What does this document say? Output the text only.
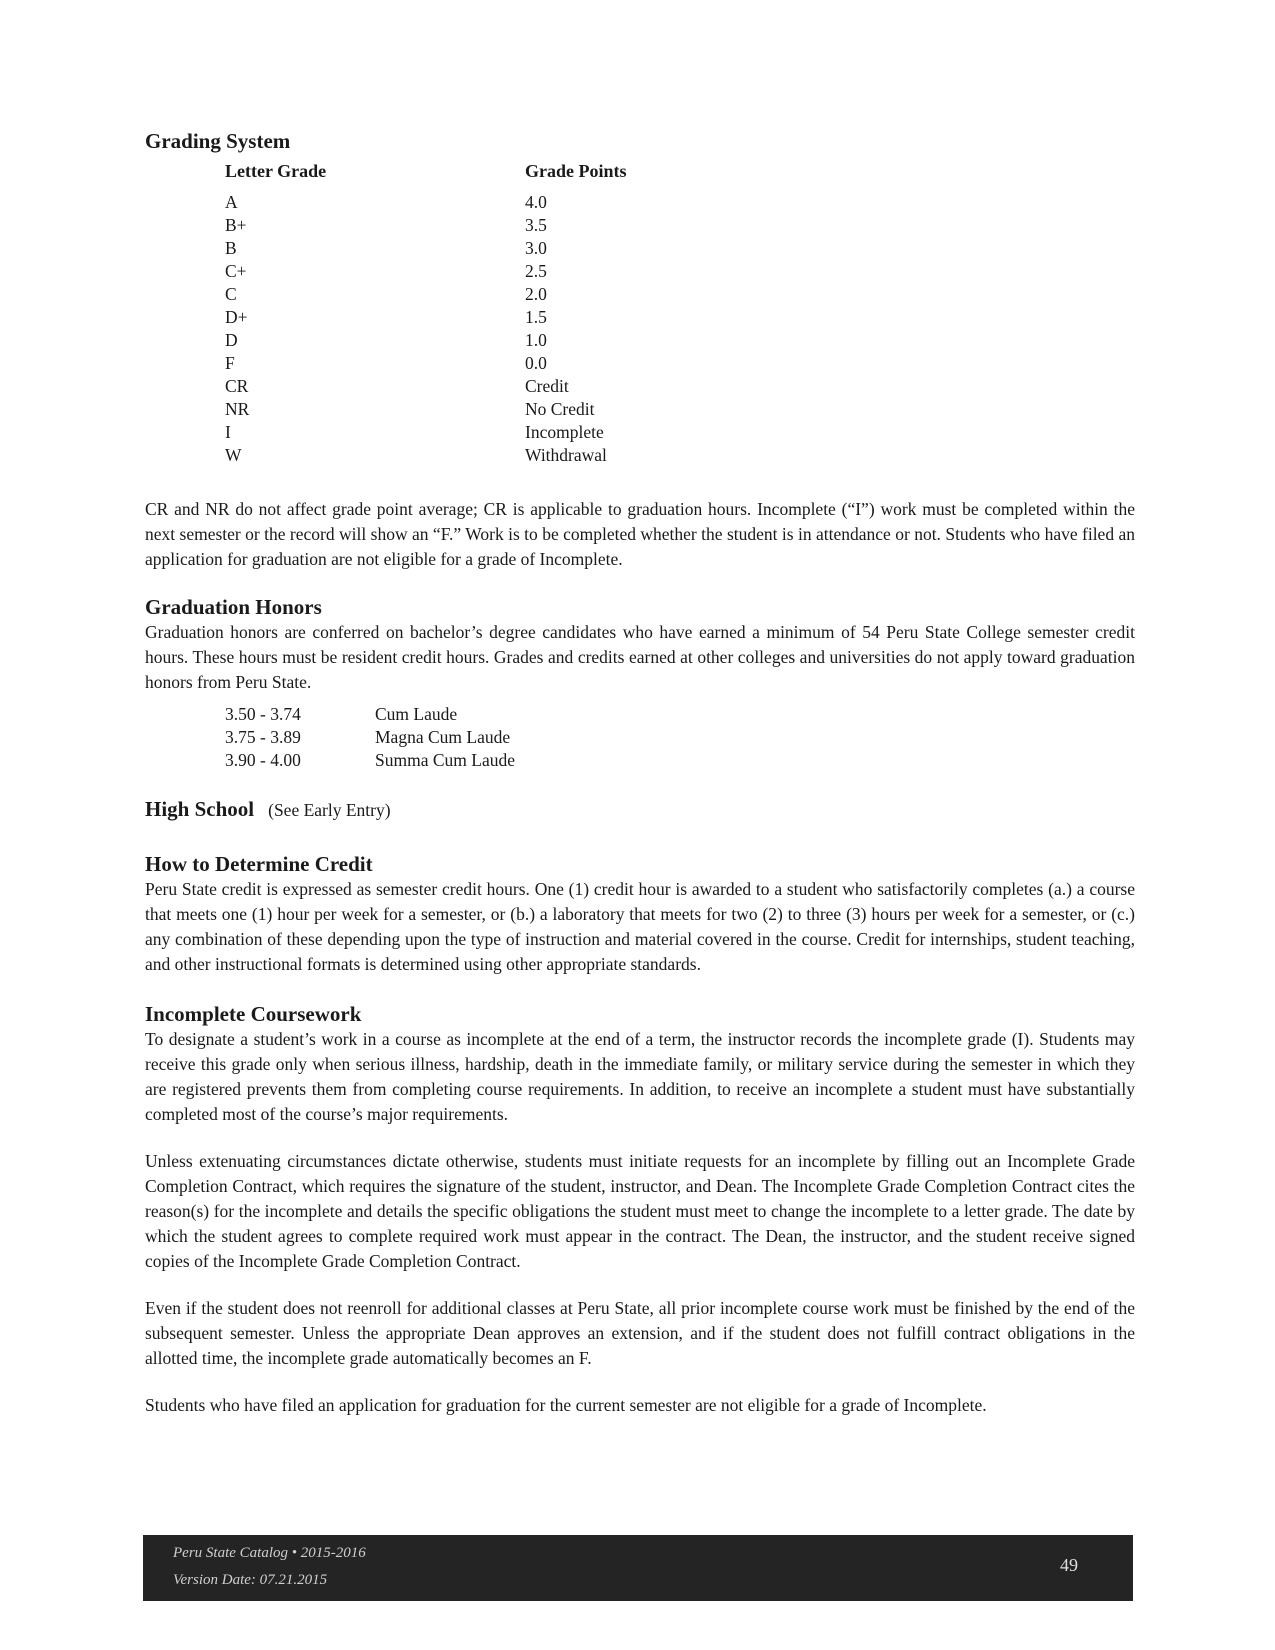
Grading System
Letter Grade	Grade Points
A	4.0
B+	3.5
B	3.0
C+	2.5
C	2.0
D+	1.5
D	1.0
F	0.0
CR	Credit
NR	No Credit
I	Incomplete
W	Withdrawal

CR and NR do not affect grade point average; CR is applicable to graduation hours. Incomplete (“I”) work must be completed within the next semester or the record will show an “F.” Work is to be completed whether the student is in attendance or not. Students who have filed an application for graduation are not eligible for a grade of Incomplete.

Graduation Honors

Graduation honors are conferred on bachelor’s degree candidates who have earned a minimum of 54 Peru State College semester credit hours. These hours must be resident credit hours. Grades and credits earned at other colleges and universities do not apply toward graduation honors from Peru State.

3.50 - 3.74	Cum Laude
3.75 - 3.89	Magna Cum Laude
3.90 - 4.00	Summa Cum Laude
High School (See Early Entry)
How to Determine Credit

Peru State credit is expressed as semester credit hours. One (1) credit hour is awarded to a student who satisfactorily completes (a.) a course that meets one (1) hour per week for a semester, or (b.) a laboratory that meets for two (2) to three (3) hours per week for a semester, or (c.) any combination of these depending upon the type of instruction and material covered in the course. Credit for internships, student teaching, and other instructional formats is determined using other appropriate standards.

Incomplete Coursework

To designate a student’s work in a course as incomplete at the end of a term, the instructor records the incomplete grade (I). Students may receive this grade only when serious illness, hardship, death in the immediate family, or military service during the semester in which they are registered prevents them from completing course requirements. In addition, to receive an incomplete a student must have substantially completed most of the course’s major requirements.

Unless extenuating circumstances dictate otherwise, students must initiate requests for an incomplete by filling out an Incomplete Grade Completion Contract, which requires the signature of the student, instructor, and Dean. The Incomplete Grade Completion Contract cites the reason(s) for the incomplete and details the specific obligations the student must meet to change the incomplete to a letter grade. The date by which the student agrees to complete required work must appear in the contract. The Dean, the instructor, and the student receive signed copies of the Incomplete Grade Completion Contract.

Even if the student does not reenroll for additional classes at Peru State, all prior incomplete course work must be finished by the end of the subsequent semester. Unless the appropriate Dean approves an extension, and if the student does not fulfill contract obligations in the allotted time, the incomplete grade automatically becomes an F.

Students who have filed an application for graduation for the current semester are not eligible for a grade of Incomplete.

Peru State Catalog • 2015-2016
Version Date: 07.21.2015
49
